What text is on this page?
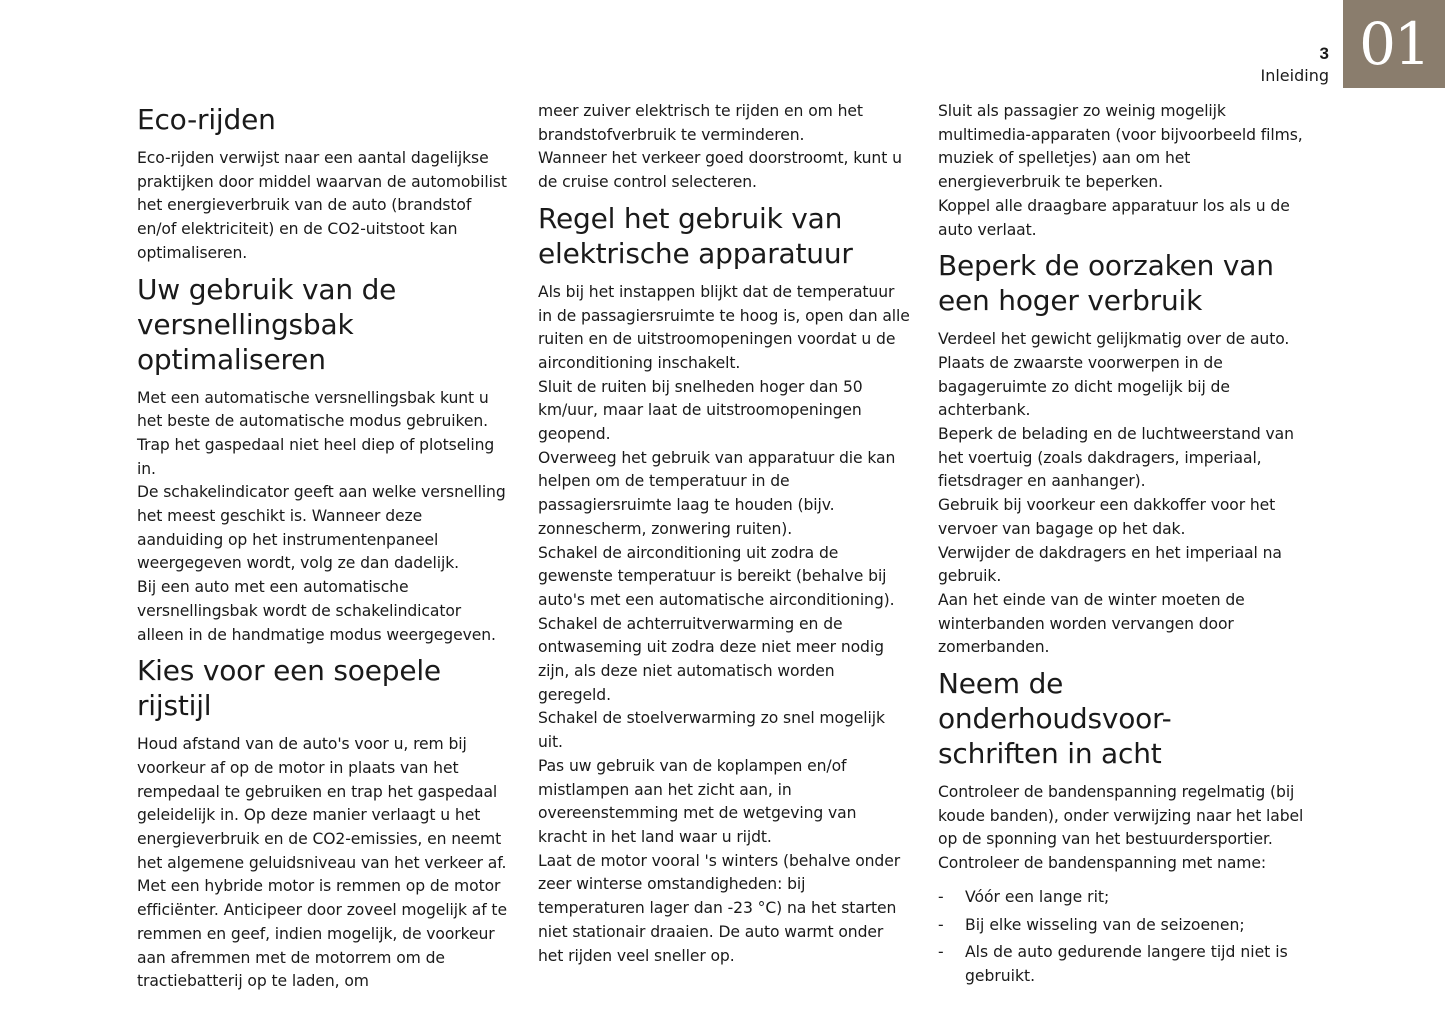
3
Inleiding 01
Eco-rijden

Eco-rijden verwijst naar een aantal dagelijkse praktijken door middel waarvan de automobilist het energieverbruik van de auto (brandstof en/of elektriciteit) en de CO2-uitstoot kan optimaliseren.

Uw gebruik van de versnellingsbak optimaliseren

Met een automatische versnellingsbak kunt u het beste de automatische modus gebruiken.

Trap het gaspedaal niet heel diep of plotseling in.

De schakelindicator geeft aan welke versnelling het meest geschikt is. Wanneer deze aanduiding op het instrumentenpaneel weergegeven wordt, volg ze dan dadelijk.

Bij een auto met een automatische versnellingsbak wordt de schakelindicator alleen in de handmatige modus weergegeven.

Kies voor een soepele rijstijl

Houd afstand van de auto's voor u, rem bij voorkeur af op de motor in plaats van het rempedaal te gebruiken en trap het gaspedaal geleidelijk in. Op deze manier verlaagt u het energieverbruik en de CO2-emissies, en neemt het algemene geluidsniveau van het verkeer af.

Met een hybride motor is remmen op de motor efficiënter. Anticipeer door zoveel mogelijk af te remmen en geef, indien mogelijk, de voorkeur aan afremmen met de motorrem om de tractiebatterij op te laden, om

meer zuiver elektrisch te rijden en om het brandstofverbruik te verminderen.

Wanneer het verkeer goed doorstroomt, kunt u de cruise control selecteren.

Regel het gebruik van elektrische apparatuur

Als bij het instappen blijkt dat de temperatuur in de passagiersruimte te hoog is, open dan alle ruiten en de uitstroomopeningen voordat u de airconditioning inschakelt.

Sluit de ruiten bij snelheden hoger dan 50 km/uur, maar laat de uitstroomopeningen geopend.

Overweeg het gebruik van apparatuur die kan helpen om de temperatuur in de passagiersruimte laag te houden (bijv. zonnescherm, zonwering ruiten).

Schakel de airconditioning uit zodra de gewenste temperatuur is bereikt (behalve bij auto's met een automatische airconditioning).

Schakel de achterruitverwarming en de ontwaseming uit zodra deze niet meer nodig zijn, als deze niet automatisch worden geregeld.

Schakel de stoelverwarming zo snel mogelijk uit.

Pas uw gebruik van de koplampen en/of mistlampen aan het zicht aan, in overeenstemming met de wetgeving van kracht in het land waar u rijdt.

Laat de motor vooral 's winters (behalve onder zeer winterse omstandigheden: bij temperaturen lager dan -23 °C) na het starten niet stationair draaien. De auto warmt onder het rijden veel sneller op.

Sluit als passagier zo weinig mogelijk multimedia-apparaten (voor bijvoorbeeld films, muziek of spelletjes) aan om het energieverbruik te beperken.

Koppel alle draagbare apparatuur los als u de auto verlaat.

Beperk de oorzaken van een hoger verbruik

Verdeel het gewicht gelijkmatig over de auto. Plaats de zwaarste voorwerpen in de bagageruimte zo dicht mogelijk bij de achterbank.

Beperk de belading en de luchtweerstand van het voertuig (zoals dakdragers, imperiaal, fietsdrager en aanhanger).

Gebruik bij voorkeur een dakkoffer voor het vervoer van bagage op het dak.

Verwijder de dakdragers en het imperiaal na gebruik.

Aan het einde van de winter moeten de winterbanden worden vervangen door zomerbanden.

Neem de onderhoudsvoor-schriften in acht

Controleer de bandenspanning regelmatig (bij koude banden), onder verwijzing naar het label op de sponning van het bestuurdersportier.

Controleer de bandenspanning met name:

- Vóór een lange rit;
- Bij elke wisseling van de seizoenen;
- Als de auto gedurende langere tijd niet is gebruikt.
